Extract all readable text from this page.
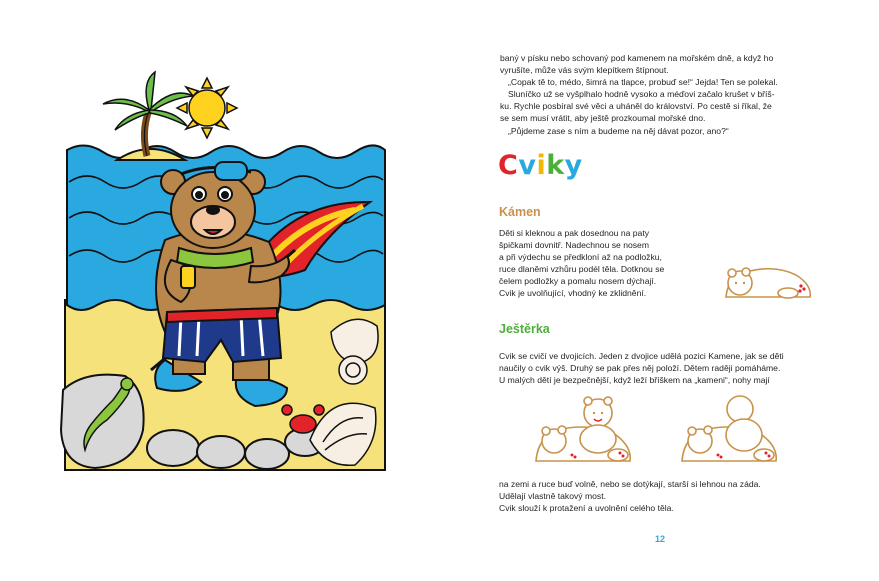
baný v písku nebo schovaný pod kamenem na mořském dně, a když ho

vyrušíte, může vás svým klepítkem štípnout.

„Copak tě to, médo, šimrá na tlapce, probuď se!“ Jejda! Ten se polekal.

Sluníčko už se vyšplhalo hodně vysoko a méďovi začalo krušet v bříš-

ku. Rychle posbíral své věci a uháněl do království. Po cestě si říkal, že

se sem musí vrátit, aby ještě prozkoumal mořské dno.

„Půjdeme zase s ním a budeme na něj dávat pozor, ano?“

Cviky
Kámen

Děti si kleknou a pak dosednou na paty

špičkami dovnitř. Nadechnou se nosem

a při výdechu se předkloní až na podložku,

ruce dlaněmi vzhůru podél těla. Dotknou se

čelem podložky a pomalu nosem dýchají.

Cvik je uvolňující, vhodný ke zklidnění.

Ještěrka

Cvik se cvičí ve dvojicích. Jeden z dvojice udělá pozici Kamene, jak se děti

naučily o cvik výš. Druhý se pak přes něj položí. Dětem raději pomáháme.

U malých dětí je bezpečnější, když leží bříškem na „kameni“, nohy mají

na zemi a ruce buď volně, nebo se dotýkají, starší si lehnou na záda.

Udělají vlastně takový most.

Cvik slouží k protažení a uvolnění celého těla.

12
